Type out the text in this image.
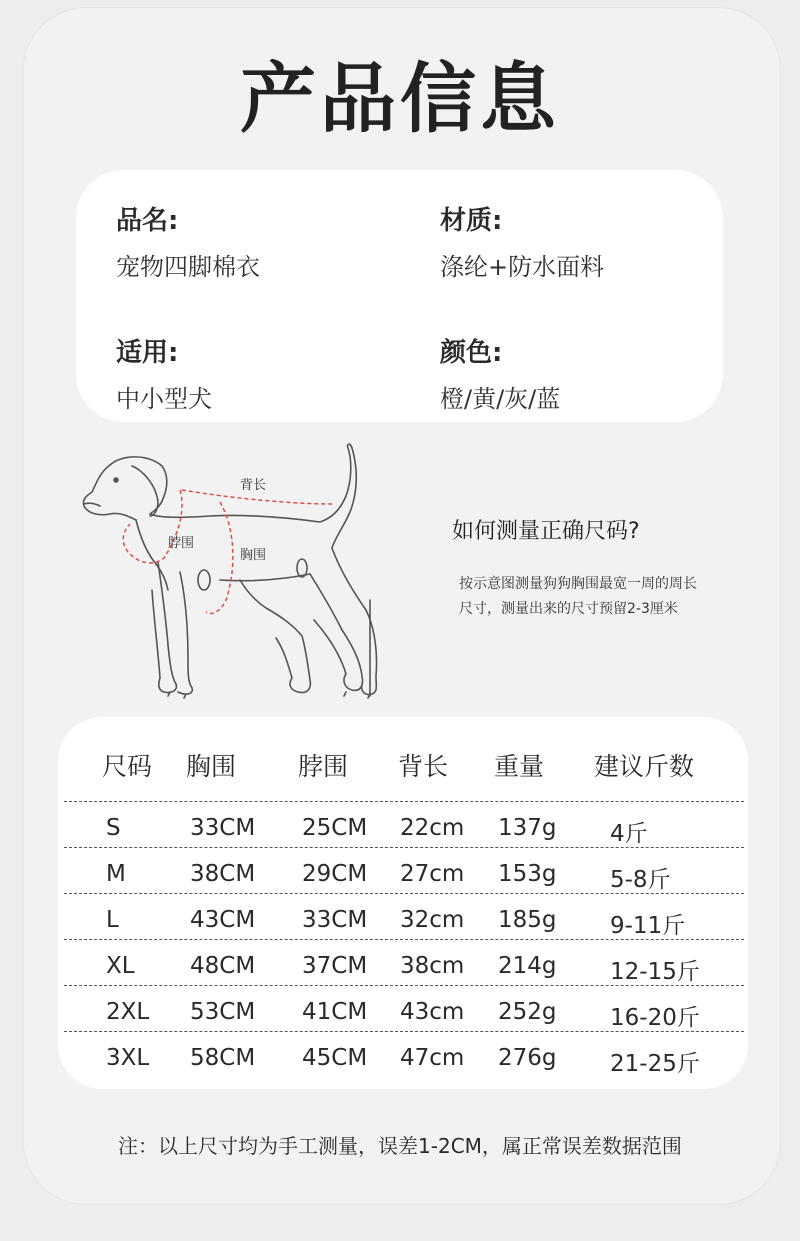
产品信息
品名:
宠物四脚棉衣
材质:
涤纶+防水面料
适用:
中小型犬
颜色:
橙/黄/灰/蓝
背长
脖围
胸围
如何测量正确尺码?
按示意图测量狗狗胸围最宽一周的周长尺寸，测量出来的尺寸预留2-3厘米
尺码 胸围 脖围 背长 重量 建议斤数
S	33CM 25CM 22cm 137g 4斤
M	38CM 29CM 27cm 153g 5-8斤
L	43CM 33CM 32cm 185g 9-11斤
XL 48CM 37CM 38cm 214g 12-15斤
2XL 53CM 41CM 43cm 252g 16-20斤
3XL 58CM 45CM 47cm 276g 21-25斤
注：以上尺寸均为手工测量，误差1-2CM，属正常误差数据范围
